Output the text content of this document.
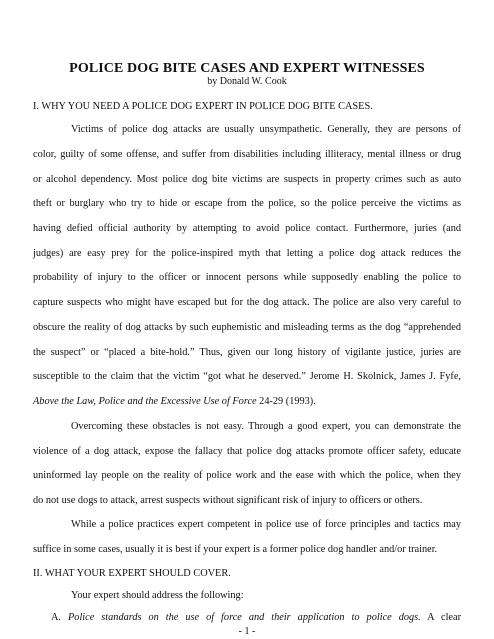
POLICE DOG BITE CASES AND EXPERT WITNESSES
by Donald W. Cook
I. WHY YOU NEED A POLICE DOG EXPERT IN POLICE DOG BITE CASES.
Victims of police dog attacks are usually unsympathetic. Generally, they are persons of
color, guilty of some offense, and suffer from disabilities including illiteracy, mental illness or drug
or alcohol dependency. Most police dog bite victims are suspects in property crimes such as auto
theft or burglary who try to hide or escape from the police, so the police perceive the victims as
having defied official authority by attempting to avoid police contact. Furthermore, juries (and
judges) are easy prey for the police-inspired myth that letting a police dog attack reduces the
probability of injury to the officer or innocent persons while supposedly enabling the police to
capture suspects who might have escaped but for the dog attack. The police are also very careful to
obscure the reality of dog attacks by such euphemistic and misleading terms as the dog “apprehended
the suspect” or “placed a bite-hold.” Thus, given our long history of vigilante justice, juries are
susceptible to the claim that the victim “got what he deserved.” Jerome H. Skolnick, James J. Fyfe,
Above the Law, Police and the Excessive Use of Force 24-29 (1993).
Overcoming these obstacles is not easy. Through a good expert, you can demonstrate the
violence of a dog attack, expose the fallacy that police dog attacks promote officer safety, educate
uninformed lay people on the reality of police work and the ease with which the police, when they
do not use dogs to attack, arrest suspects without significant risk of injury to officers or others.
While a police practices expert competent in police use of force principles and tactics may
suffice in some cases, usually it is best if your expert is a former police dog handler and/or trainer.
II. WHAT YOUR EXPERT SHOULD COVER.
Your expert should address the following:
A. Police standards on the use of force and their application to police dogs. A clear
- 1 -
